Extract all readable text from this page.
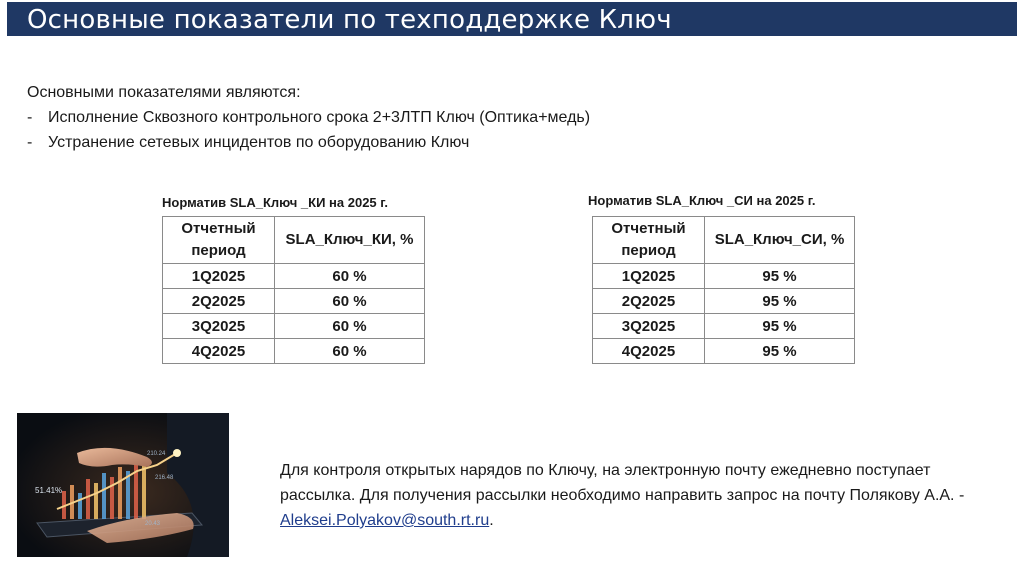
Основные показатели по техподдержке Ключ

Основными показателями являются:

- Исполнение Сквозного контрольного срока 2+3ЛТП Ключ (Оптика+медь)
- Устранение сетевых инцидентов по оборудованию Ключ
Норматив SLA_Ключ _КИ на 2025 г.
Отчетный период	SLA_Ключ_КИ, %
1Q2025	60 %
2Q2025	60 %
3Q2025	60 %
4Q2025	60 %
Норматив SLA_Ключ _СИ на 2025 г.
Отчетный период	SLA_Ключ_СИ, %
1Q2025	95 %
2Q2025	95 %
3Q2025	95 %
4Q2025	95 %
51.41%
210.24
216.48
20.43

Для контроля открытых нарядов по Ключу, на электронную почту ежедневно поступает рассылка. Для получения рассылки необходимо направить запрос на почту Полякову А.А. - Aleksei.Polyakov@south.rt.ru.
